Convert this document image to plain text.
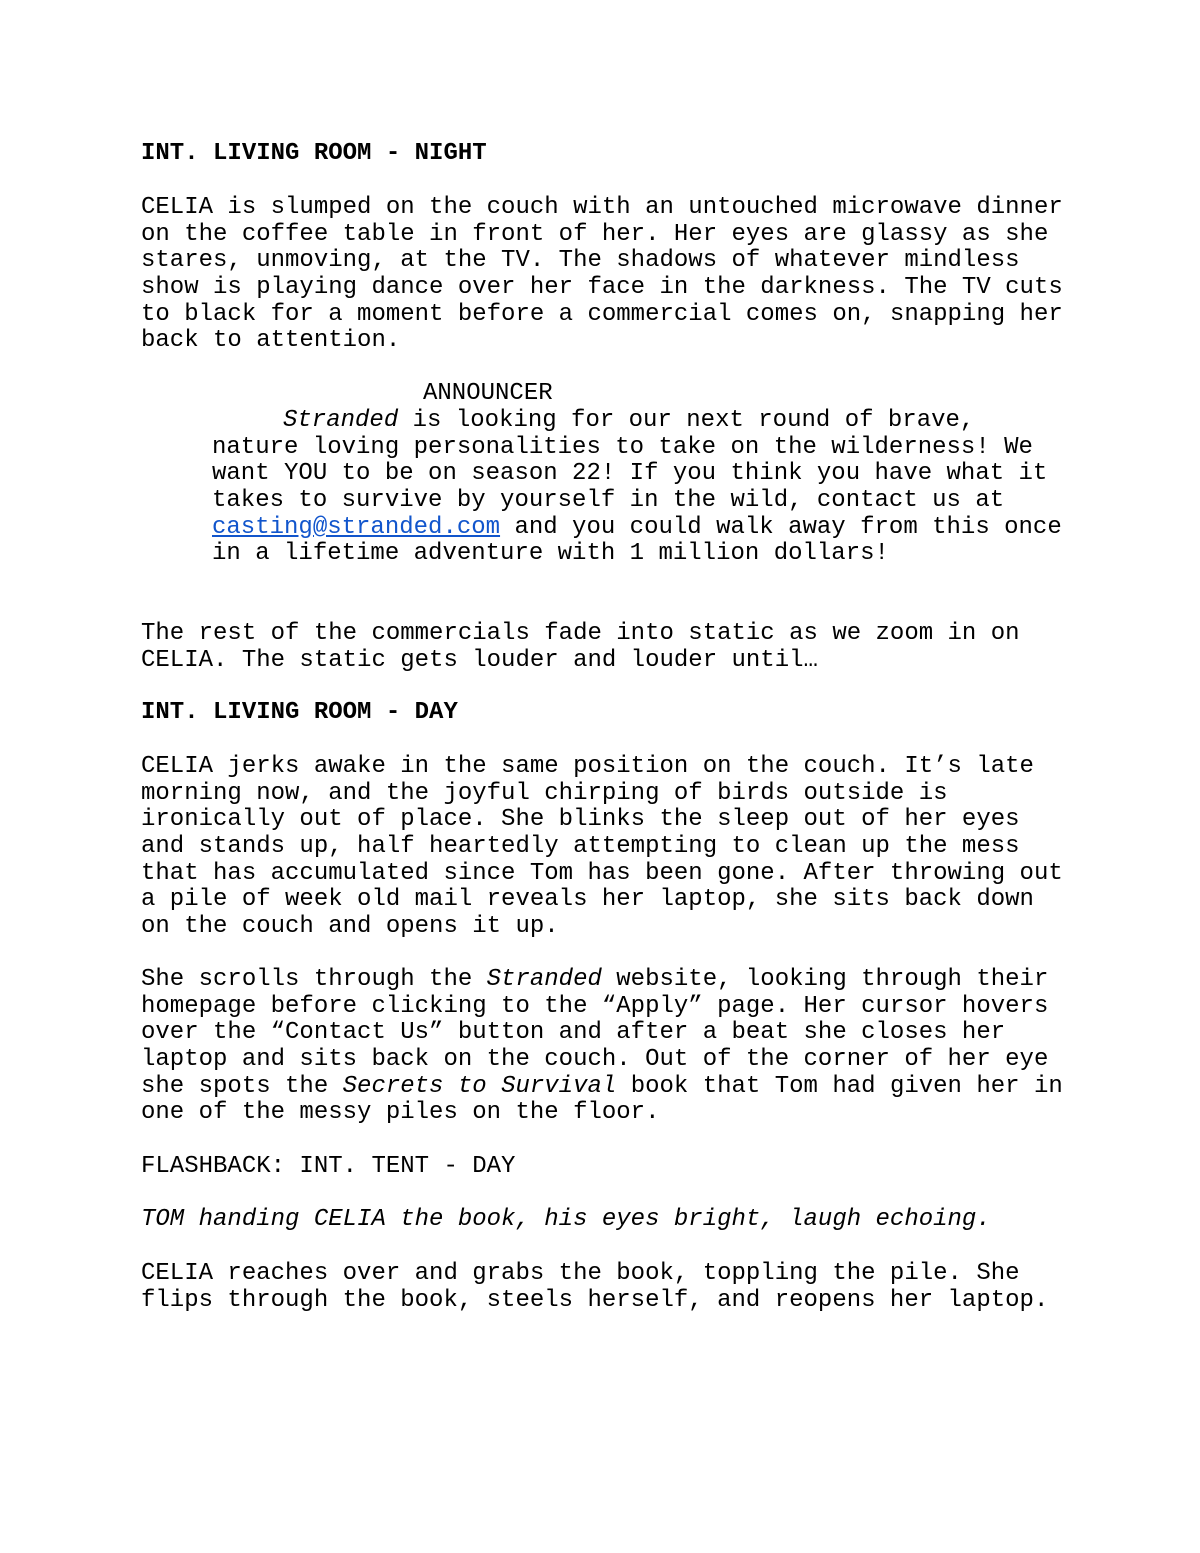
INT. LIVING ROOM - NIGHT
CELIA is slumped on the couch with an untouched microwave dinner
on the coffee table in front of her. Her eyes are glassy as she
stares, unmoving, at the TV. The shadows of whatever mindless
show is playing dance over her face in the darkness. The TV cuts
to black for a moment before a commercial comes on, snapping her
back to attention.
ANNOUNCER
Stranded is looking for our next round of brave,
nature loving personalities to take on the wilderness! We
want YOU to be on season 22! If you think you have what it
takes to survive by yourself in the wild, contact us at
casting@stranded.com and you could walk away from this once
in a lifetime adventure with 1 million dollars!
The rest of the commercials fade into static as we zoom in on
CELIA. The static gets louder and louder until…
INT. LIVING ROOM - DAY
CELIA jerks awake in the same position on the couch. It’s late
morning now, and the joyful chirping of birds outside is
ironically out of place. She blinks the sleep out of her eyes
and stands up, half heartedly attempting to clean up the mess
that has accumulated since Tom has been gone. After throwing out
a pile of week old mail reveals her laptop, she sits back down
on the couch and opens it up.
She scrolls through the Stranded website, looking through their
homepage before clicking to the “Apply” page. Her cursor hovers
over the “Contact Us” button and after a beat she closes her
laptop and sits back on the couch. Out of the corner of her eye
she spots the Secrets to Survival book that Tom had given her in
one of the messy piles on the floor.
FLASHBACK: INT. TENT - DAY
TOM handing CELIA the book, his eyes bright, laugh echoing.
CELIA reaches over and grabs the book, toppling the pile. She
flips through the book, steels herself, and reopens her laptop.
